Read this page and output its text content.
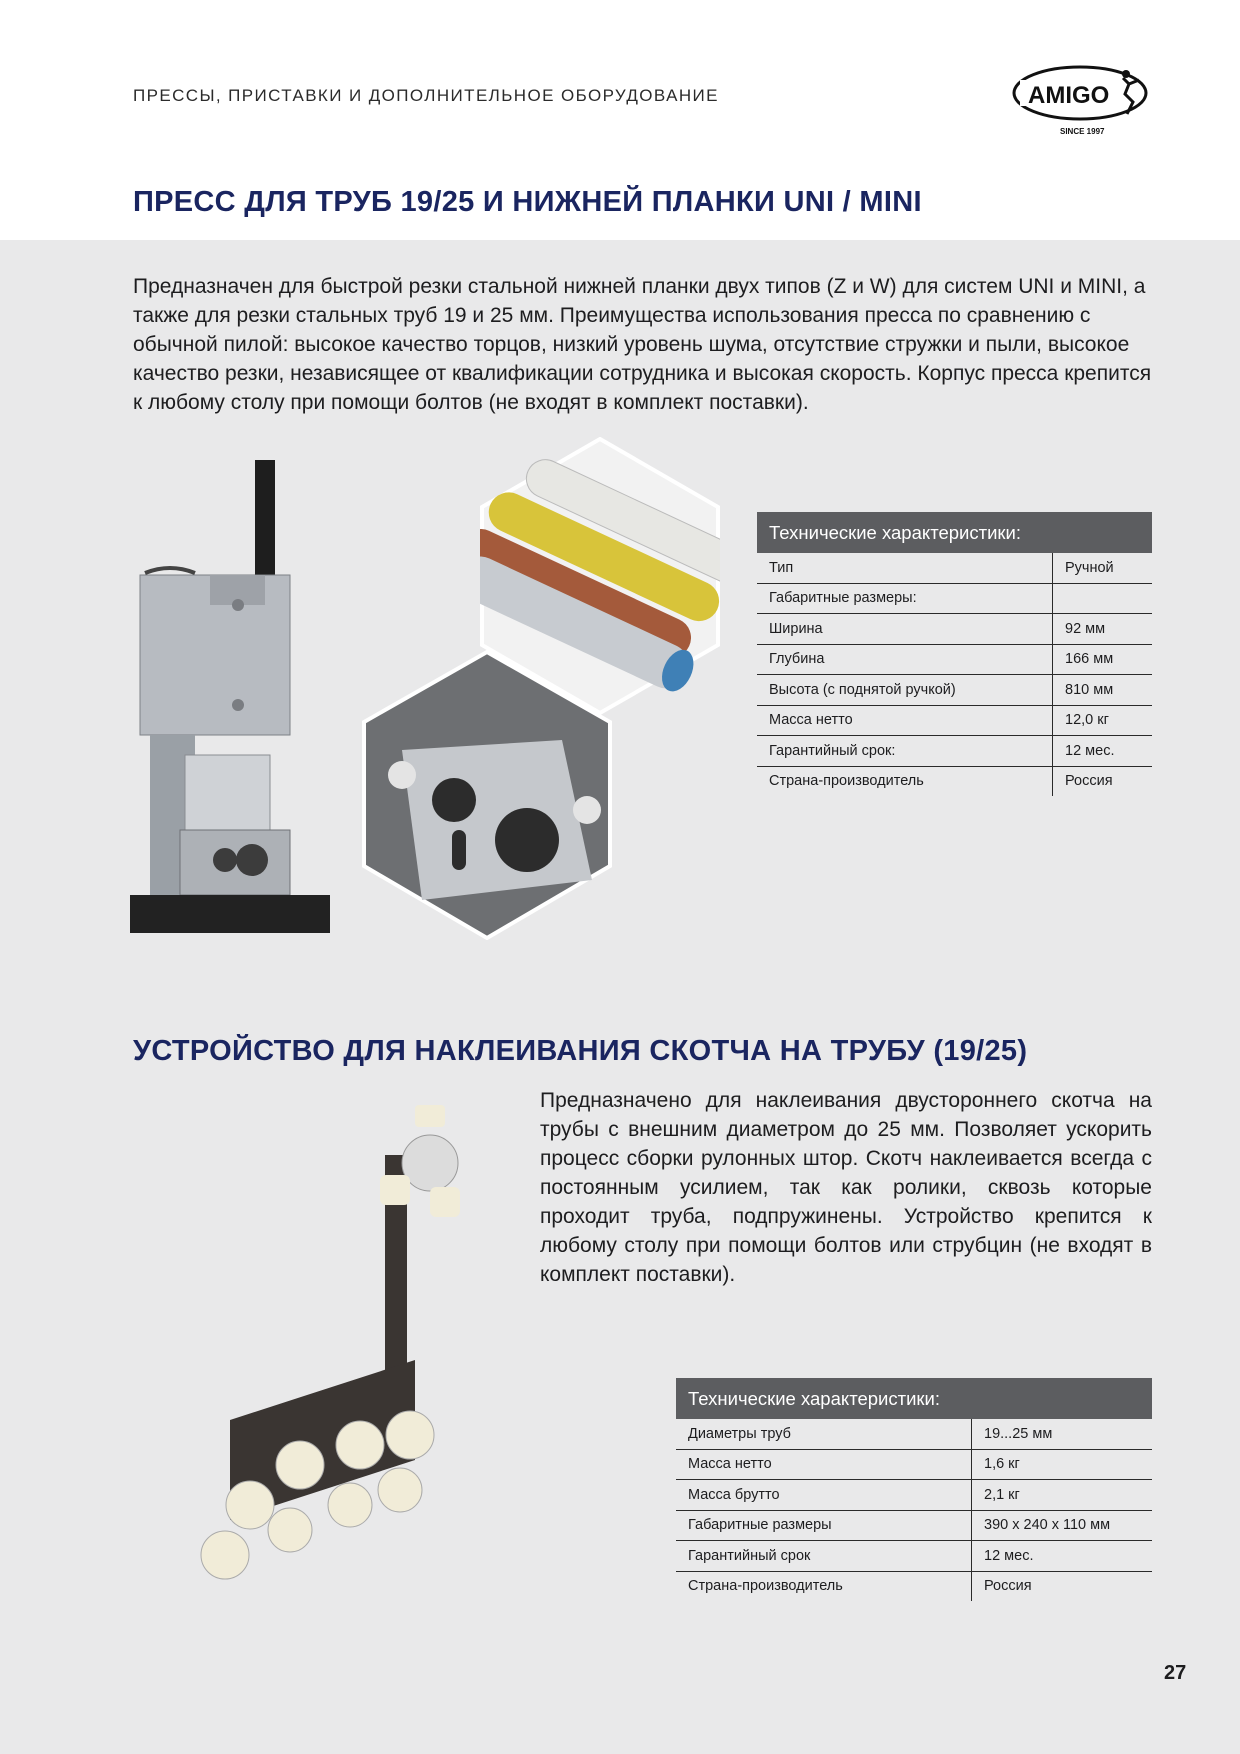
ПРЕССЫ, ПРИСТАВКИ И ДОПОЛНИТЕЛЬНОЕ ОБОРУДОВАНИЕ	AMIGO
SINCE 1997
ПРЕСС ДЛЯ ТРУБ 19/25 И НИЖНЕЙ ПЛАНКИ UNI / MINI
Предназначен для быстрой резки стальной нижней планки двух типов (Z и W) для систем UNI и MINI, а также для резки стальных труб 19 и 25 мм. Преимущества использования пресса по сравнению с обычной пилой: высокое качество торцов, низкий уровень шума, отсутствие стружки и пыли, высокое качество резки, независящее от квалификации сотрудника и высокая скорость. Корпус пресса крепится к любому столу при помощи болтов (не входят в комплект поставки).
Технические характеристики:
Тип	Ручной
Габаритные размеры:
Ширина	92 мм
Глубина	166 мм
Высота (с поднятой ручкой)	810 мм
Масса нетто	12,0 кг
Гарантийный срок:	12 мес.
Страна-производитель	Россия
УСТРОЙСТВО ДЛЯ НАКЛЕИВАНИЯ СКОТЧА НА ТРУБУ (19/25)
Предназначено для наклеивания двустороннего скотча на трубы с внешним диаметром до 25 мм. Позволяет ускорить процесс сборки рулонных штор. Скотч наклеивается всегда с постоянным усилием, так как ролики, сквозь которые проходит труба, подпружинены. Устройство крепится к любому столу при помощи болтов или струбцин (не входят в комплект поставки).
Технические характеристики:
Диаметры труб	19...25 мм
Масса нетто	1,6 кг
Масса брутто	2,1 кг
Габаритные размеры	390 х 240 х 110 мм
Гарантийный срок	12 мес.
Страна-производитель	Россия
27
